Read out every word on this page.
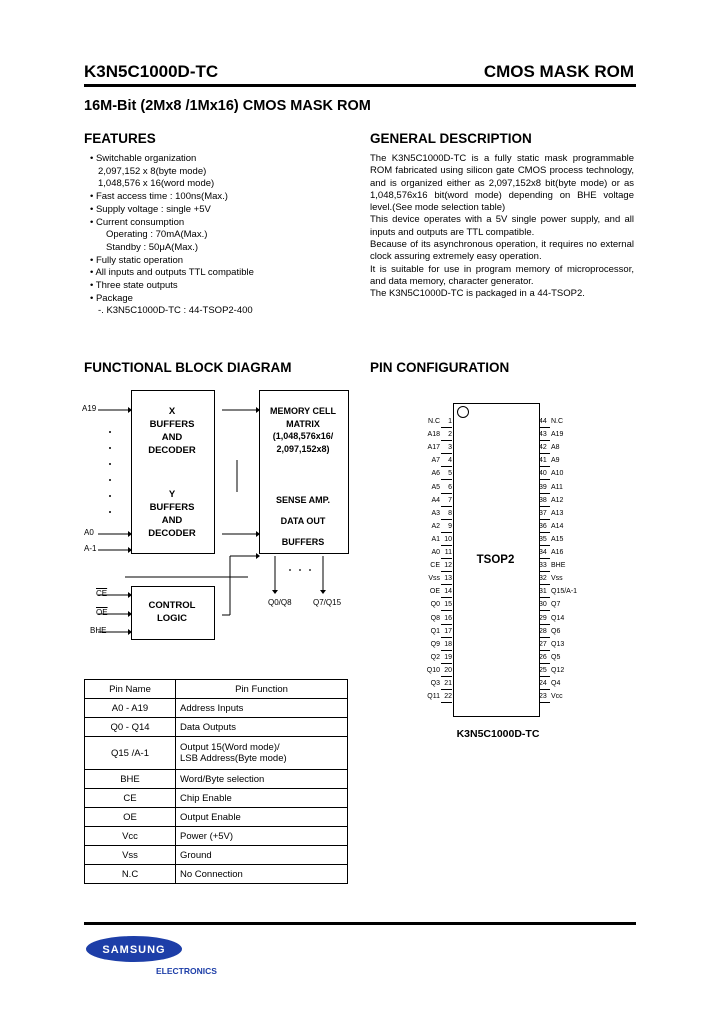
K3N5C1000D-TC	CMOS MASK ROM
16M-Bit (2Mx8 /1Mx16) CMOS MASK ROM
FEATURES
• Switchable organization
2,097,152 x 8(byte mode)
1,048,576 x 16(word mode)
• Fast access time : 100ns(Max.)
• Supply voltage : single +5V
• Current consumption
Operating : 70mA(Max.)
Standby : 50μA(Max.)
• Fully static operation
• All inputs and outputs TTL compatible
• Three state outputs
• Package
-. K3N5C1000D-TC : 44-TSOP2-400
GENERAL DESCRIPTION

The K3N5C1000D-TC is a fully static mask programmable ROM fabricated using silicon gate CMOS process technology, and is organized either as 2,097,152x8 bit(byte mode) or as 1,048,576x16 bit(word mode) depending on BHE voltage level.(See mode selection table)

This device operates with a 5V single power supply, and all inputs and outputs are TTL compatible.

Because of its asynchronous operation, it requires no external clock assuring extremely easy operation.

It is suitable for use in program memory of microprocessor, and data memory, character generator.

The K3N5C1000D-TC is packaged in a 44-TSOP2.

FUNCTIONAL BLOCK DIAGRAM
X
BUFFERS
AND
DECODER
Y
BUFFERS
AND
DECODER
MEMORY CELL
MATRIX
(1,048,576x16/
2,097,152x8)
SENSE AMP.
DATA OUT
BUFFERS
CONTROL
LOGIC
A19
A0
A-1
$\overline{CE}$
$\overline{OE}$
BHE
Q0/Q8	Q7/Q15
Pin Name	Pin Function
A0 - A19	Address Inputs

Q0 - Q14	Data Outputs

Q15 /A-1	Output 15(Word mode)/
LSB Address(Byte mode)

BHE	Word/Byte selection

CE	Chip Enable

OE	Output Enable

Vcc	Power (+5V)

Vss	Ground

N.C	No Connection
PIN CONFIGURATION
TSOP2
N.C	1
A18	2
A17	3
A7	4
A6	5
A5	6
A4	7
A3	8
A2	9
A1 10
A0 11
CE 12
Vss 13
OE 14
Q0 15
Q8 16
Q1 17
Q9 18
Q2 19
Q10 20
Q3 21
Q11 22
44 N.C
43 A19
42 A8
41 A9
40 A10
39 A11
38 A12
37 A13
36 A14
35 A15
34 A16
33 BHE
32 Vss
31 Q15/A-1
30 Q7
29 Q14
28 Q6
27 Q13
26 Q5
25 Q12
24 Q4
23 Vcc
K3N5C1000D-TC
SAMSUNG
ELECTRONICS
